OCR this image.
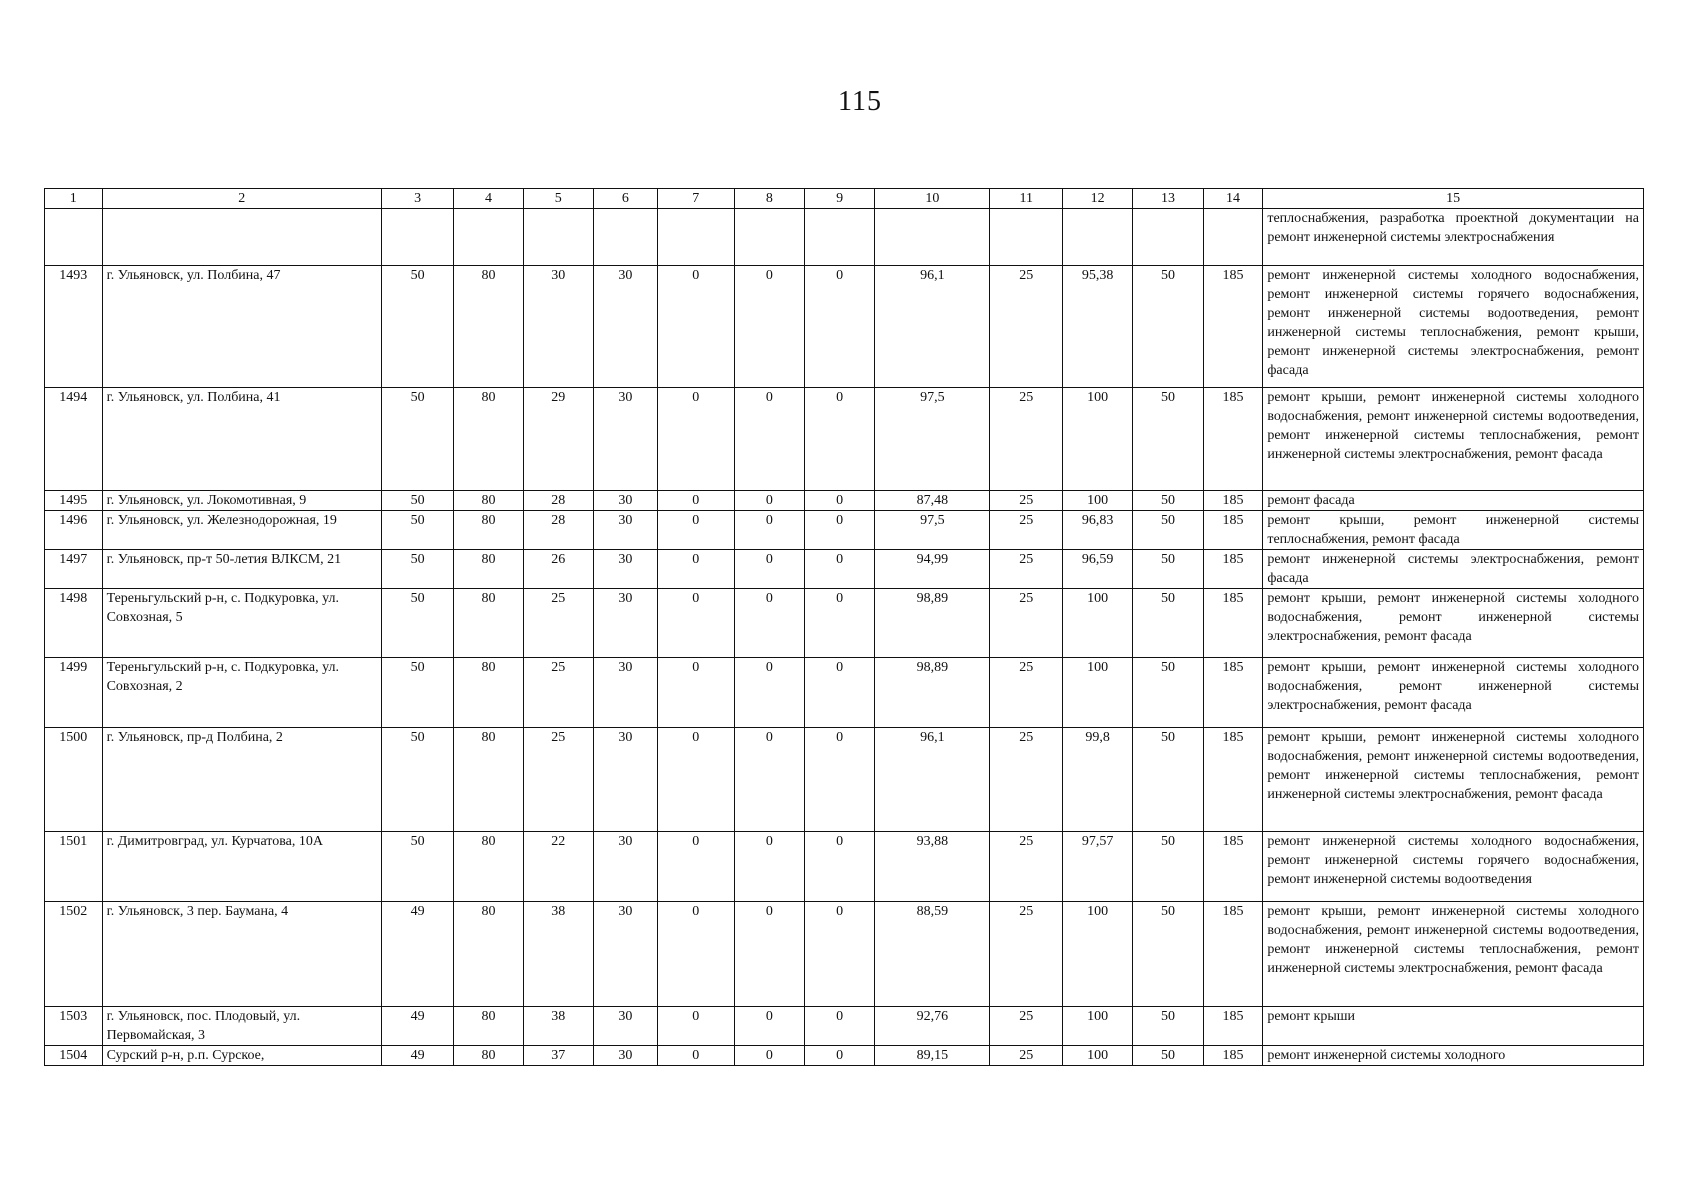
115
1	2	3	4	5	6	7	8	9	10	11	12	13	14	15
														теплоснабжения, разработка проектной документации на ремонт инженерной системы электроснабжения
1493	г. Ульяновск, ул. Полбина, 47	50	80	30	30	0	0	0	96,1	25	95,38	50	185	ремонт инженерной системы холодного водоснабжения, ремонт инженерной системы горячего водоснабжения, ремонт инженерной системы водоотведения, ремонт инженерной системы теплоснабжения, ремонт крыши, ремонт инженерной системы электроснабжения, ремонт фасада
1494	г. Ульяновск, ул. Полбина, 41	50	80	29	30	0	0	0	97,5	25	100	50	185	ремонт крыши, ремонт инженерной системы холодного водоснабжения, ремонт инженерной системы водоотведения, ремонт инженерной системы теплоснабжения, ремонт инженерной системы электроснабжения, ремонт фасада
1495	г. Ульяновск, ул. Локомотивная, 9	50	80	28	30	0	0	0	87,48	25	100	50	185	ремонт фасада
1496	г. Ульяновск, ул. Железнодорожная, 19	50	80	28	30	0	0	0	97,5	25	96,83	50	185	ремонт крыши, ремонт инженерной системы теплоснабжения, ремонт фасада
1497	г. Ульяновск, пр-т 50-летия ВЛКСМ, 21	50	80	26	30	0	0	0	94,99	25	96,59	50	185	ремонт инженерной системы электроснабжения, ремонт фасада
1498	Тереньгульский р-н, с. Подкуровка, ул. Совхозная, 5	50	80	25	30	0	0	0	98,89	25	100	50	185	ремонт крыши, ремонт инженерной системы холодного водоснабжения, ремонт инженерной системы электроснабжения, ремонт фасада
1499	Тереньгульский р-н, с. Подкуровка, ул. Совхозная, 2	50	80	25	30	0	0	0	98,89	25	100	50	185	ремонт крыши, ремонт инженерной системы холодного водоснабжения, ремонт инженерной системы электроснабжения, ремонт фасада
1500	г. Ульяновск, пр-д Полбина, 2	50	80	25	30	0	0	0	96,1	25	99,8	50	185	ремонт крыши, ремонт инженерной системы холодного водоснабжения, ремонт инженерной системы водоотведения, ремонт инженерной системы теплоснабжения, ремонт инженерной системы электроснабжения, ремонт фасада
1501	г. Димитровград, ул. Курчатова, 10А	50	80	22	30	0	0	0	93,88	25	97,57	50	185	ремонт инженерной системы холодного водоснабжения, ремонт инженерной системы горячего водоснабжения, ремонт инженерной системы водоотведения
1502	г. Ульяновск, 3 пер. Баумана, 4	49	80	38	30	0	0	0	88,59	25	100	50	185	ремонт крыши, ремонт инженерной системы холодного водоснабжения, ремонт инженерной системы водоотведения, ремонт инженерной системы теплоснабжения, ремонт инженерной системы электроснабжения, ремонт фасада
1503	г. Ульяновск, пос. Плодовый, ул. Первомайская, 3	49	80	38	30	0	0	0	92,76	25	100	50	185	ремонт крыши
1504	Сурский р-н, р.п. Сурское,	49	80	37	30	0	0	0	89,15	25	100	50	185	ремонт инженерной системы холодного
